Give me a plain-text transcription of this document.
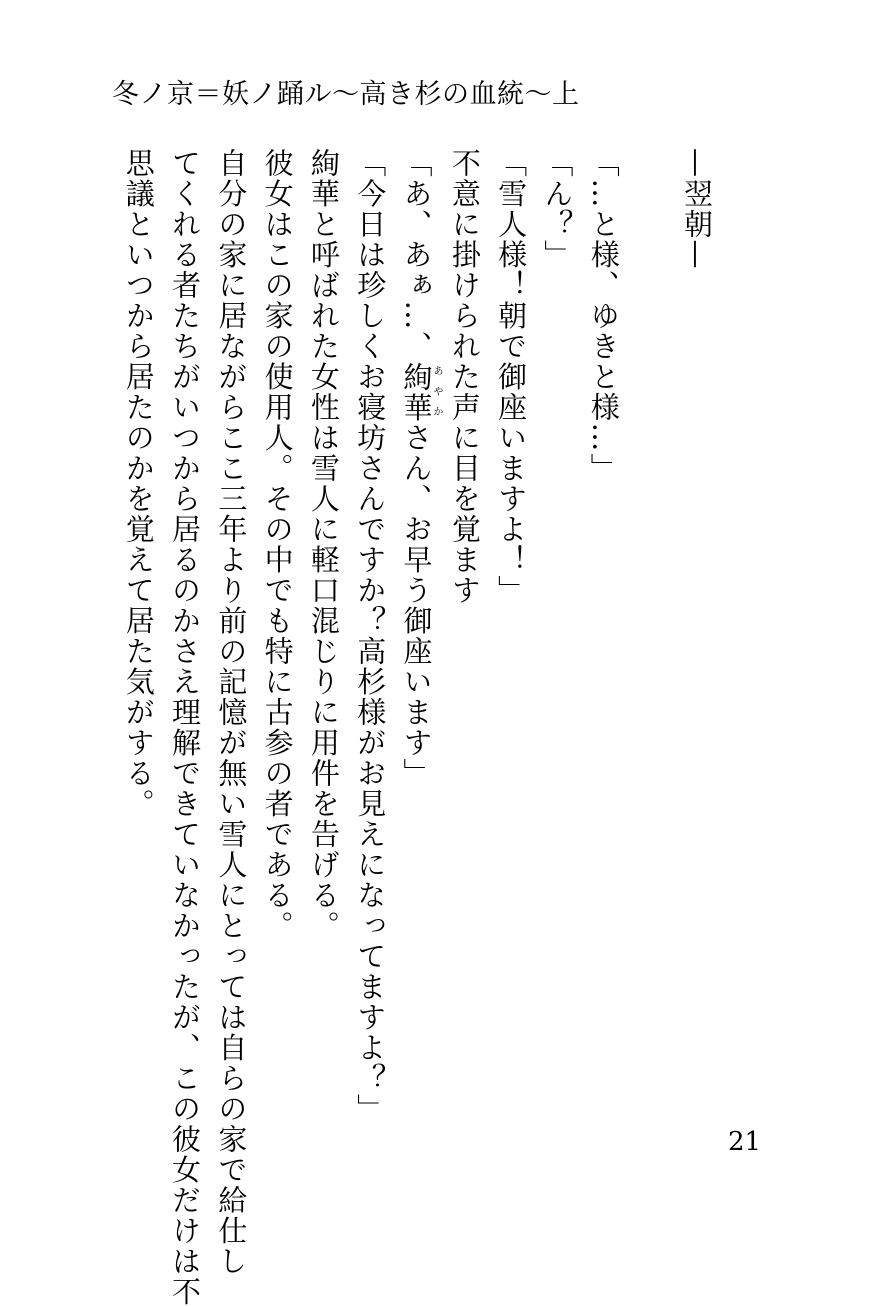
冬ノ京＝妖ノ踊ル〜高き杉の血統〜上

—翌朝—

「…と様、ゆきと様…」

「ん？」

「雪人様！朝で御座いますよ！」

不意に掛けられた声に目を覚ます

「あ、あぁ…、絢華あやかさん、お早う御座います」

「今日は珍しくお寝坊さんですか？高杉様がお見えになってますよ？」

絢華と呼ばれた女性は雪人に軽口混じりに用件を告げる。

彼女はこの家の使用人。その中でも特に古参の者である。

自分の家に居ながらここ三年より前の記憶が無い雪人にとっては自らの家で給仕し

てくれる者たちがいつから居るのかさえ理解できていなかったが、この彼女だけは不

思議といつから居たのかを覚えて居た気がする。

21
